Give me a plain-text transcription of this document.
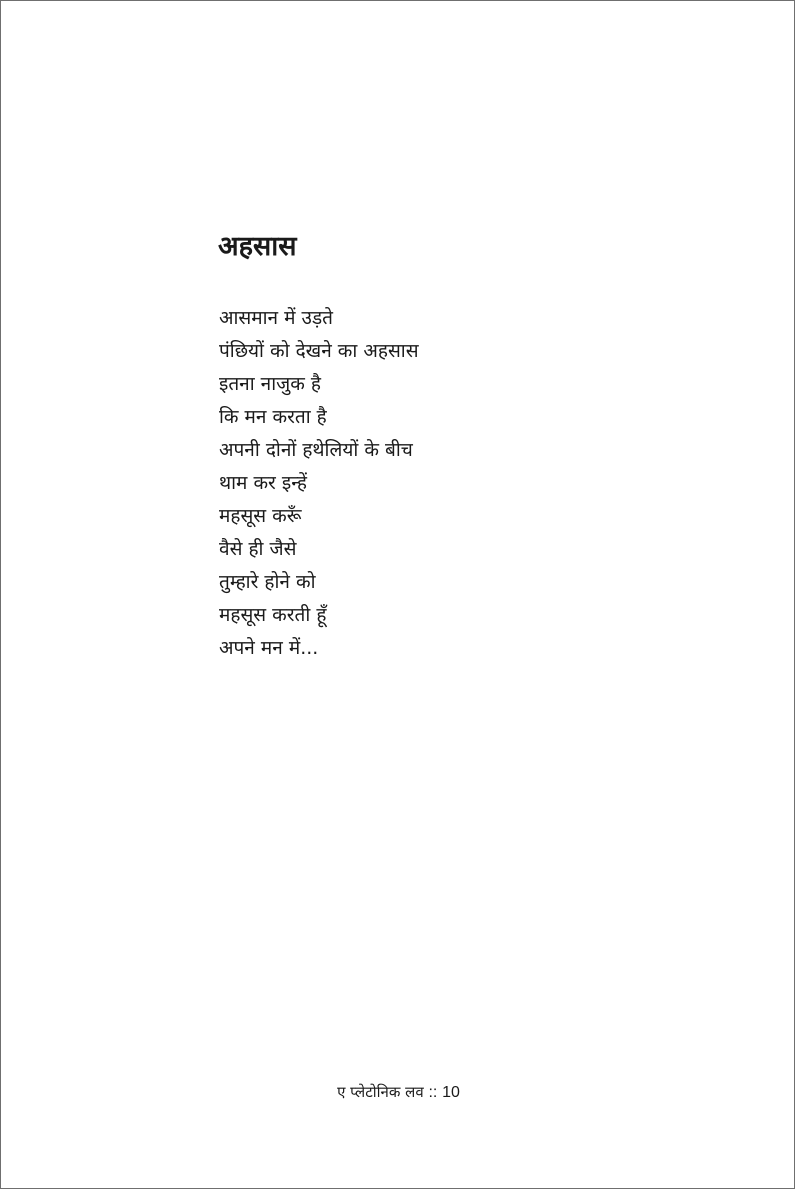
अहसास
आसमान में उड़ते
पंछियों को देखने का अहसास
इतना नाजुक है
कि मन करता है
अपनी दोनों हथेलियों के बीच
थाम कर इन्हें
महसूस करूँ
वैसे ही जैसे
तुम्हारे होने को
महसूस करती हूँ
अपने मन में...
ए प्लेटोनिक लव :: 10
